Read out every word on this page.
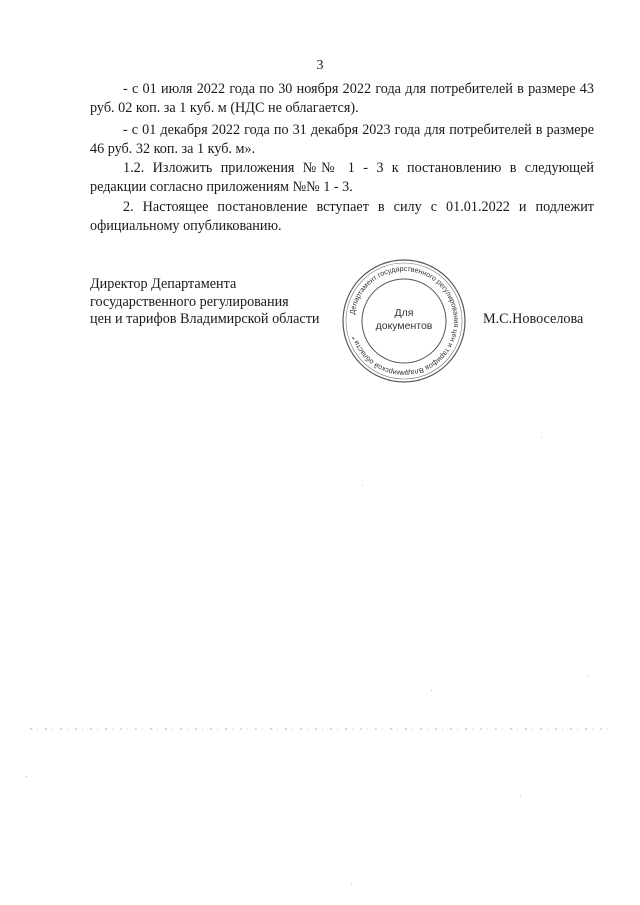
3
- с 01 июля 2022 года по 30 ноября 2022 года для потребителей в размере 43 руб. 02 коп. за 1 куб. м (НДС не облагается).
- с 01 декабря 2022 года по 31 декабря 2023 года для потребителей в размере 46 руб. 32 коп. за 1 куб. м».
1.2. Изложить приложения №№ 1 - 3 к постановлению в следующей редакции согласно приложениям №№ 1 - 3.
2. Настоящее постановление вступает в силу с 01.01.2022 и подлежит официальному опубликованию.
Директор Департамента
государственного регулирования
цен и тарифов Владимирской области	Департамент государственного регулирования цен и тарифов Владимирской области *
Для
документов	М.С.Новоселова
